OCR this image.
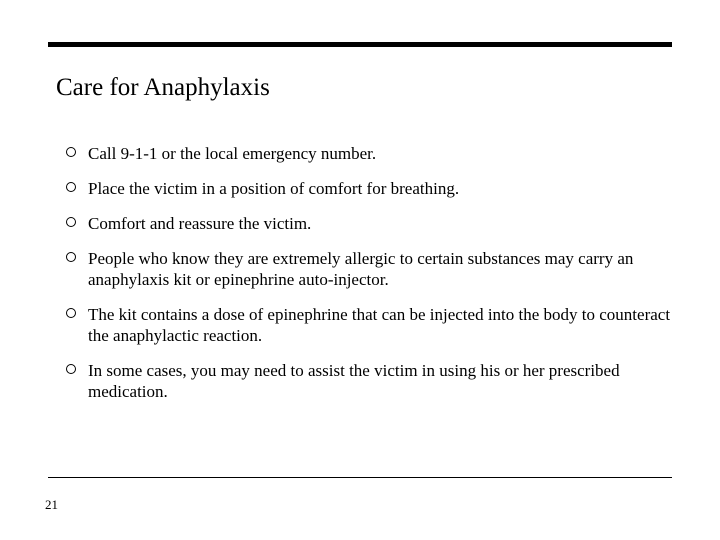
Care for Anaphylaxis
Call 9-1-1 or the local emergency number.
Place the victim in a position of comfort for breathing.
Comfort and reassure the victim.
People who know they are extremely allergic to certain substances may carry an anaphylaxis kit or epinephrine auto-injector.
The kit contains a dose of epinephrine that can be injected into the body to counteract the anaphylactic reaction.
In some cases, you may need to assist the victim in using his or her prescribed medication.
21
